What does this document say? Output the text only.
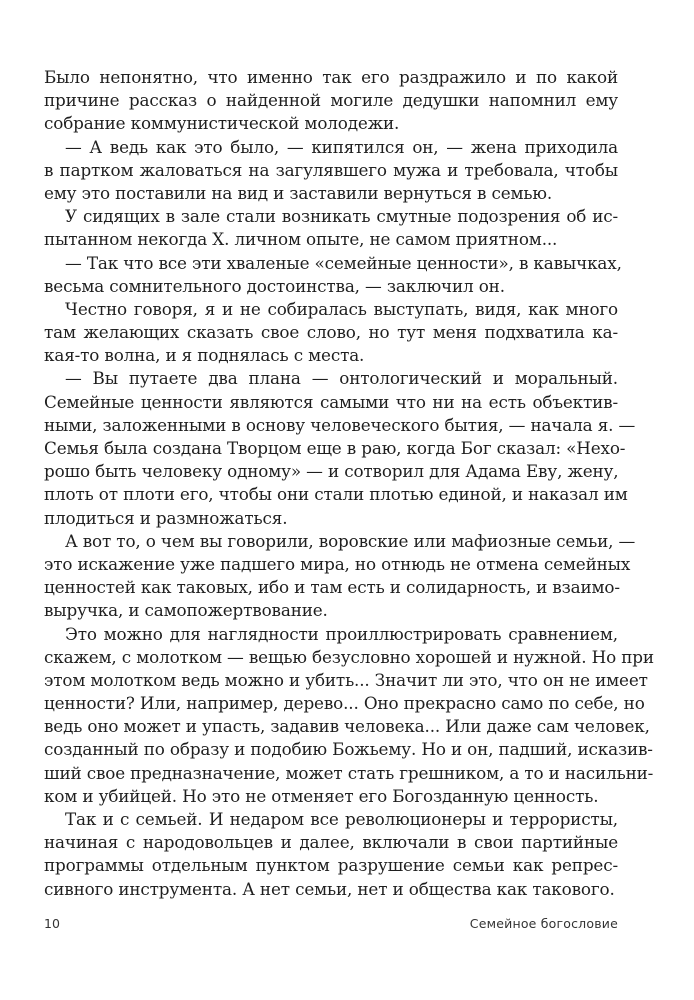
Было непонятно, что именно так его раздражило и по какой
причине рассказ о найденной могиле дедушки напомнил ему
собрание коммунистической молодежи.
— А ведь как это было, — кипятился он, — жена приходила
в партком жаловаться на загулявшего мужа и требовала, чтобы
ему это поставили на вид и заставили вернуться в семью.
У сидящих в зале стали возникать смутные подозрения об ис-
пытанном некогда Х. личном опыте, не самом приятном...
— Так что все эти хваленые «семейные ценности», в кавычках,
весьма сомнительного достоинства, — заключил он.
Честно говоря, я и не собиралась выступать, видя, как много
там желающих сказать свое слово, но тут меня подхватила ка-
кая-то волна, и я поднялась с места.
— Вы путаете два плана — онтологический и моральный.
Семейные ценности являются самыми что ни на есть объектив-
ными, заложенными в основу человеческого бытия, — начала я. —
Семья была создана Творцом еще в раю, когда Бог сказал: «Нехо-
рошо быть человеку одному» — и сотворил для Адама Еву, жену,
плоть от плоти его, чтобы они стали плотью единой, и наказал им
плодиться и размножаться.
А вот то, о чем вы говорили, воровские или мафиозные семьи, —
это искажение уже падшего мира, но отнюдь не отмена семейных
ценностей как таковых, ибо и там есть и солидарность, и взаимо-
выручка, и самопожертвование.
Это можно для наглядности проиллюстрировать сравнением,
скажем, с молотком — вещью безусловно хорошей и нужной. Но при
этом молотком ведь можно и убить... Значит ли это, что он не имеет
ценности? Или, например, дерево... Оно прекрасно само по себе, но
ведь оно может и упасть, задавив человека... Или даже сам человек,
созданный по образу и подобию Божьему. Но и он, падший, исказив-
ший свое предназначение, может стать грешником, а то и насильни-
ком и убийцей. Но это не отменяет его Богозданную ценность.
Так и с семьей. И недаром все революционеры и террористы,
начиная с народовольцев и далее, включали в свои партийные
программы отдельным пунктом разрушение семьи как репрес-
сивного инструмента. А нет семьи, нет и общества как такового.
10	Семейное богословие
